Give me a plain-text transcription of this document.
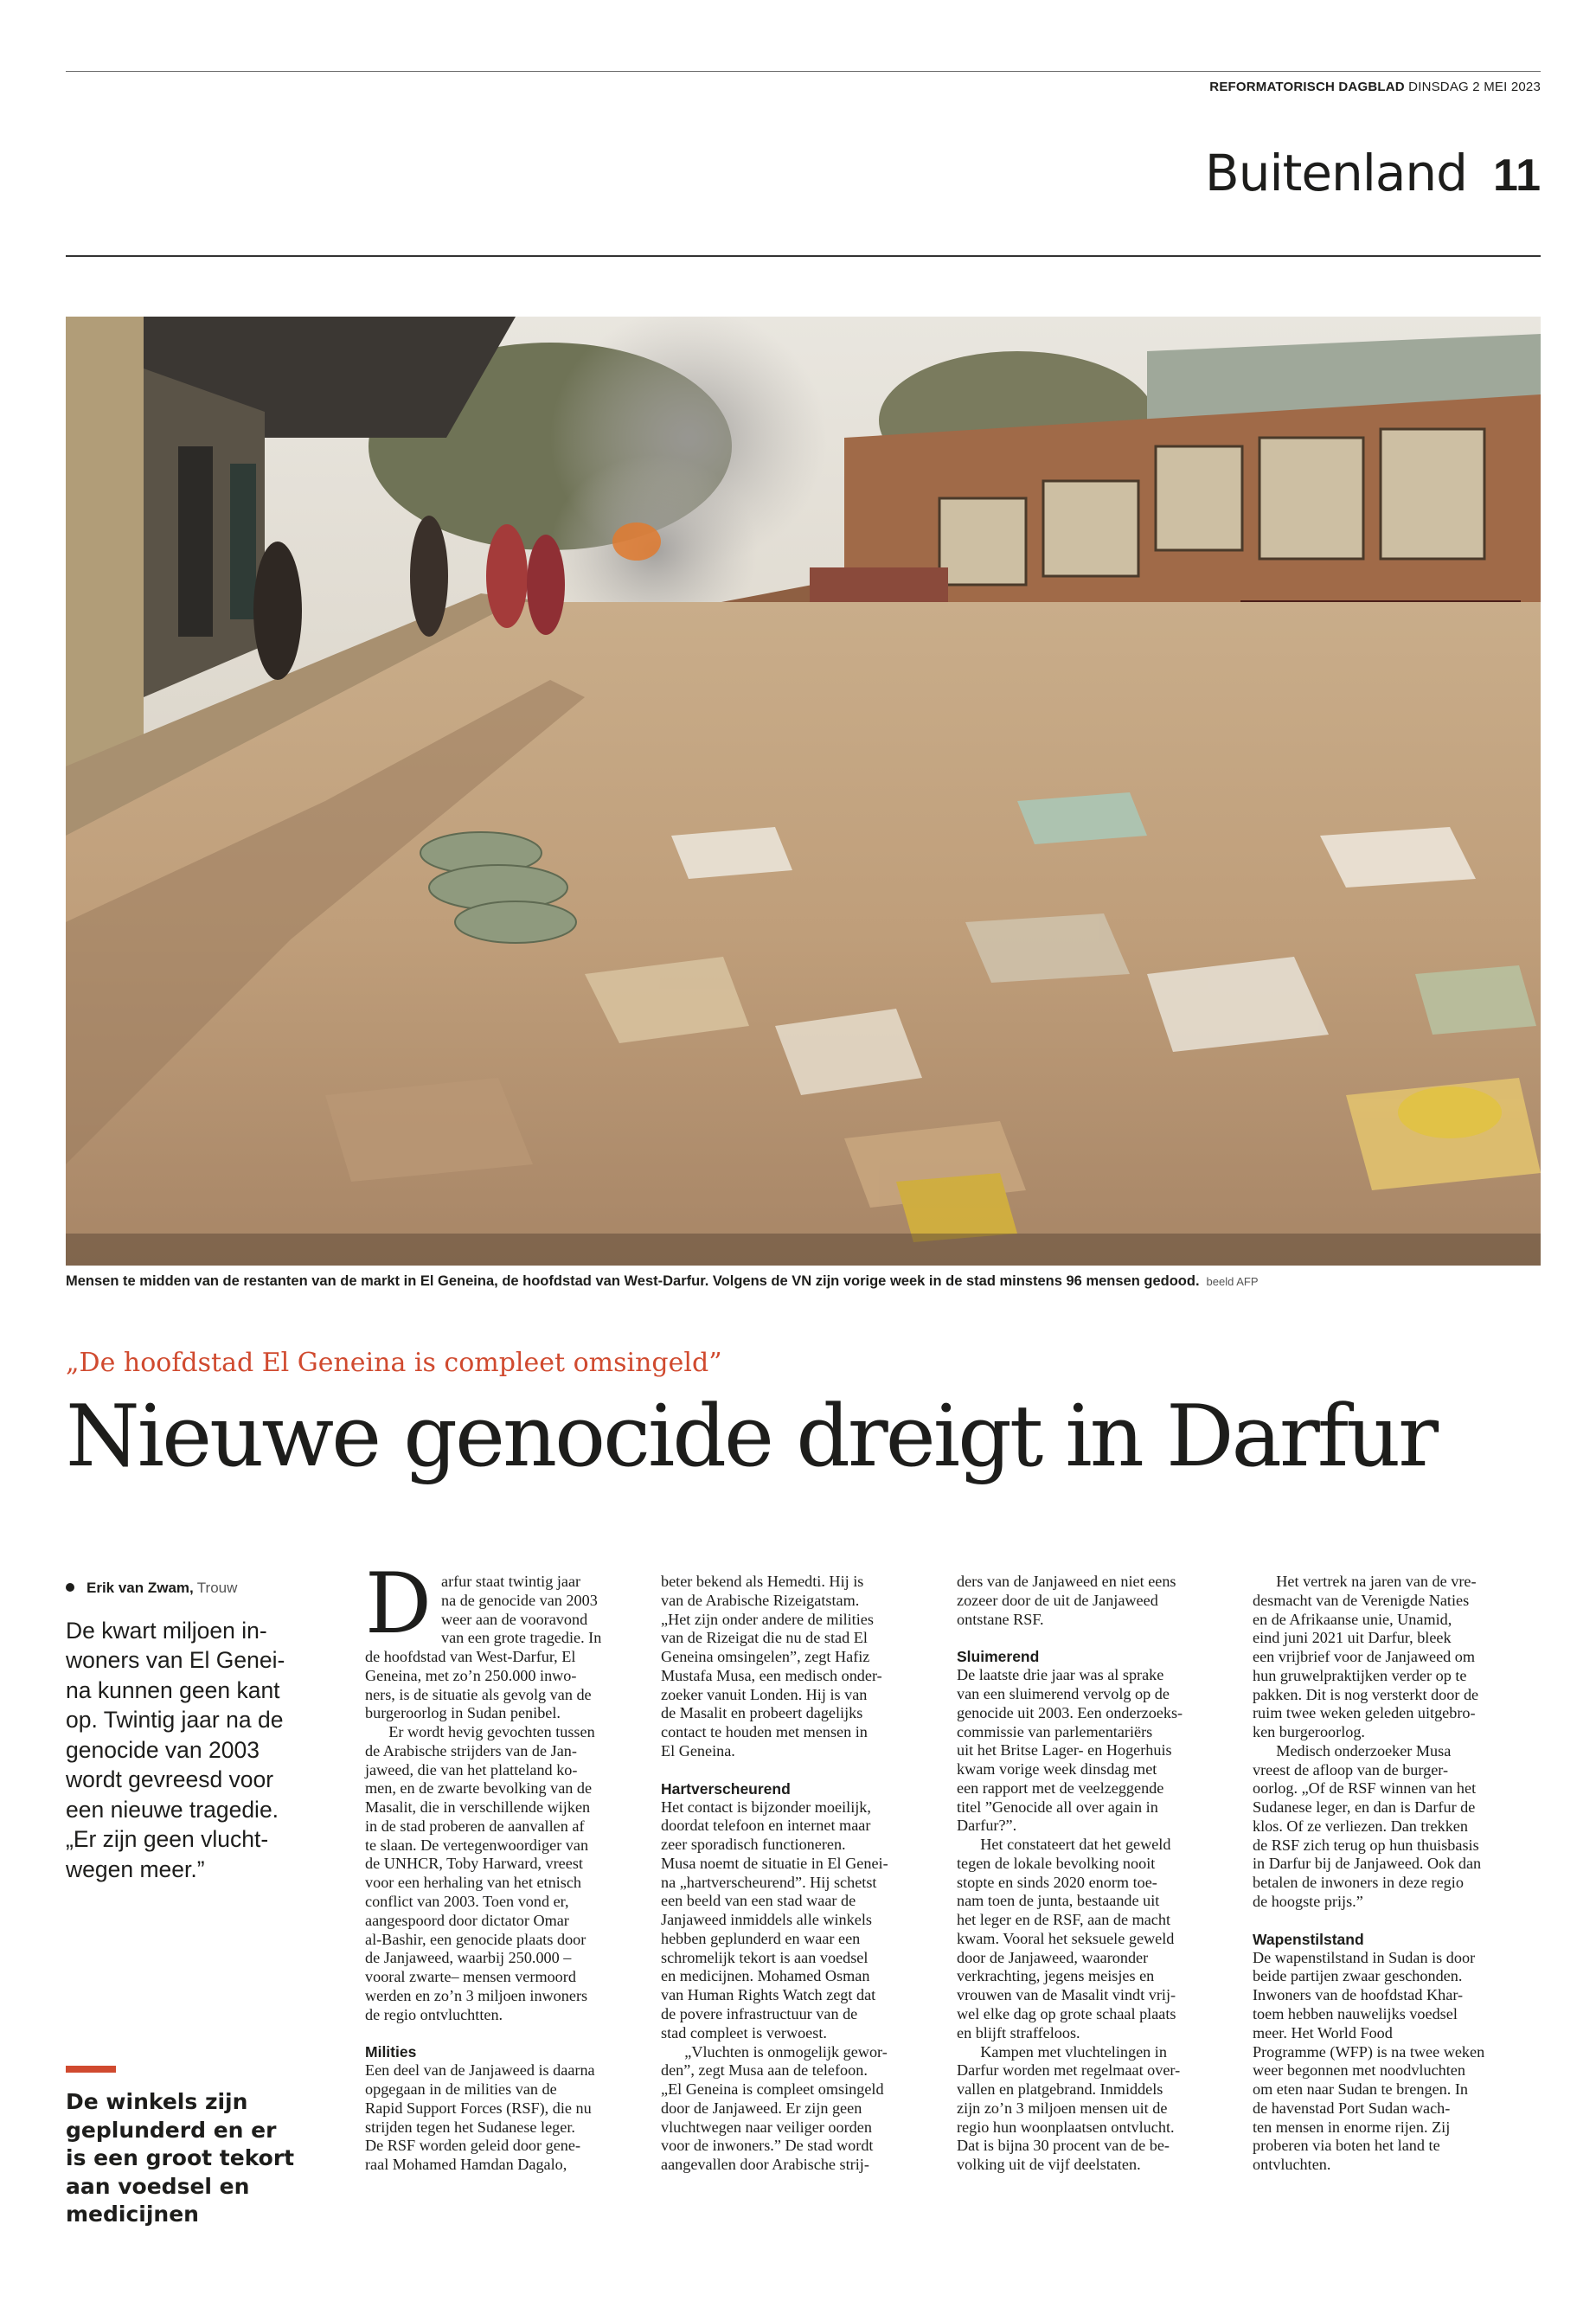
REFORMATORISCH DAGBLAD DINSDAG 2 MEI 2023
Buitenland 11
Mensen te midden van de restanten van de markt in El Geneina, de hoofdstad van West-Darfur. Volgens de VN zijn vorige week in de stad minstens 96 mensen gedood. beeld AFP
„De hoofdstad El Geneina is compleet omsingeld”
Nieuwe genocide dreigt in Darfur
Erik van Zwam, Trouw

De kwart miljoen in-

woners van El Genei-

na kunnen geen kant

op. Twintig jaar na de

genocide van 2003

wordt gevreesd voor

een nieuwe tragedie.

„Er zijn geen vlucht-

wegen meer.”

De winkels zijn
geplunderd en er
is een groot tekort
aan voedsel en
medicijnen
D arfur staat twintig jaar

na de genocide van 2003

weer aan de vooravond

van een grote tragedie. In

de hoofdstad van West-Darfur, El

Geneina, met zo’n 250.000 inwo-

ners, is de situatie als gevolg van de

burgeroorlog in Sudan penibel.

  Er wordt hevig gevochten tussen

de Arabische strijders van de Jan-

jaweed, die van het platteland ko-

men, en de zwarte bevolking van de

Masalit, die in verschillende wijken

in de stad proberen de aanvallen af

te slaan. De vertegenwoordiger van

de UNHCR, Toby Harward, vreest

voor een herhaling van het etnisch

conflict van 2003. Toen vond er,

aangespoord door dictator Omar

al-Bashir, een genocide plaats door

de Janjaweed, waarbij 250.000 –

vooral zwarte– mensen vermoord

werden en zo’n 3 miljoen inwoners

de regio ontvluchtten.

Milities

Een deel van de Janjaweed is daarna

opgegaan in de milities van de

Rapid Support Forces (RSF), die nu

strijden tegen het Sudanese leger.

De RSF worden geleid door gene-

raal Mohamed Hamdan Dagalo,

beter bekend als Hemedti. Hij is

van de Arabische Rizeigatstam.

„Het zijn onder andere de milities

van de Rizeigat die nu de stad El

Geneina omsingelen”, zegt Hafiz

Mustafa Musa, een medisch onder-

zoeker vanuit Londen. Hij is van

de Masalit en probeert dagelijks

contact te houden met mensen in

El Geneina.

Hartverscheurend

Het contact is bijzonder moeilijk,

doordat telefoon en internet maar

zeer sporadisch functioneren.

Musa noemt de situatie in El Genei-

na „hartverscheurend”. Hij schetst

een beeld van een stad waar de

Janjaweed inmiddels alle winkels

hebben geplunderd en waar een

schromelijk tekort is aan voedsel

en medicijnen. Mohamed Osman

van Human Rights Watch zegt dat

de povere infrastructuur van de

stad compleet is verwoest.

  „Vluchten is onmogelijk gewor-

den”, zegt Musa aan de telefoon.

„El Geneina is compleet omsingeld

door de Janjaweed. Er zijn geen

vluchtwegen naar veiliger oorden

voor de inwoners.” De stad wordt

aangevallen door Arabische strij-

ders van de Janjaweed en niet eens

zozeer door de uit de Janjaweed

ontstane RSF.

Sluimerend

De laatste drie jaar was al sprake

van een sluimerend vervolg op de

genocide uit 2003. Een onderzoeks-

commissie van parlementariërs

uit het Britse Lager- en Hogerhuis

kwam vorige week dinsdag met

een rapport met de veelzeggende

titel ”Genocide all over again in

Darfur?”.

  Het constateert dat het geweld

tegen de lokale bevolking nooit

stopte en sinds 2020 enorm toe-

nam toen de junta, bestaande uit

het leger en de RSF, aan de macht

kwam. Vooral het seksuele geweld

door de Janjaweed, waaronder

verkrachting, jegens meisjes en

vrouwen van de Masalit vindt vrij-

wel elke dag op grote schaal plaats

en blijft straffeloos.

  Kampen met vluchtelingen in

Darfur worden met regelmaat over-

vallen en platgebrand. Inmiddels

zijn zo’n 3 miljoen mensen uit de

regio hun woonplaatsen ontvlucht.

Dat is bijna 30 procent van de be-

volking uit de vijf deelstaten.

  Het vertrek na jaren van de vre-

desmacht van de Verenigde Naties

en de Afrikaanse unie, Unamid,

eind juni 2021 uit Darfur, bleek

een vrijbrief voor de Janjaweed om

hun gruwelpraktijken verder op te

pakken. Dit is nog versterkt door de

ruim twee weken geleden uitgebro-

ken burgeroorlog.

  Medisch onderzoeker Musa

vreest de afloop van de burger-

oorlog. „Of de RSF winnen van het

Sudanese leger, en dan is Darfur de

klos. Of ze verliezen. Dan trekken

de RSF zich terug op hun thuisbasis

in Darfur bij de Janjaweed. Ook dan

betalen de inwoners in deze regio

de hoogste prijs.”

Wapenstilstand

De wapenstilstand in Sudan is door

beide partijen zwaar geschonden.

Inwoners van de hoofdstad Khar-

toem hebben nauwelijks voedsel

meer. Het World Food

Programme (WFP) is na twee weken

weer begonnen met noodvluchten

om eten naar Sudan te brengen. In

de havenstad Port Sudan wach-

ten mensen in enorme rijen. Zij

proberen via boten het land te

ontvluchten.
